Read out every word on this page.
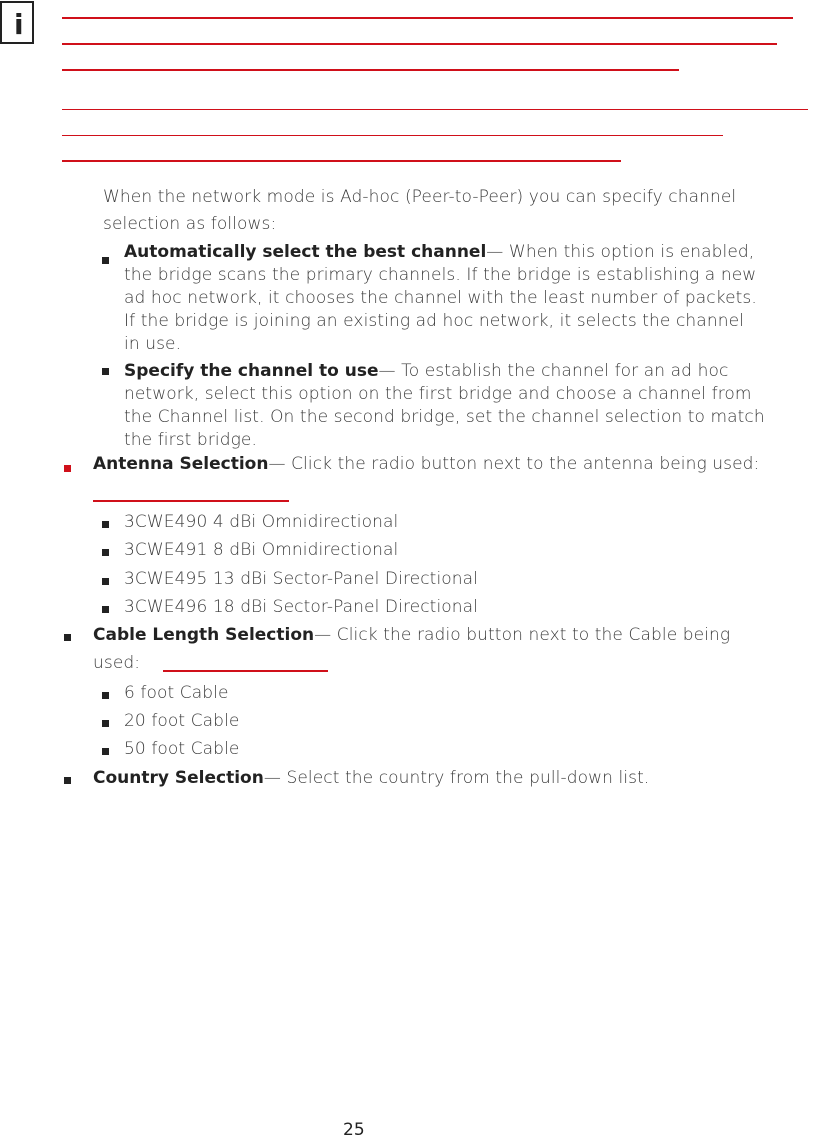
i
When the network mode is Ad-hoc (Peer-to-Peer) you can specify channel selection as follows:
Automatically select the best channel— When this option is enabled,
the bridge scans the primary channels. If the bridge is establishing a new
ad hoc network, it chooses the channel with the least number of packets.
If the bridge is joining an existing ad hoc network, it selects the channel
in use.
Specify the channel to use— To establish the channel for an ad hoc
network, select this option on the first bridge and choose a channel from
the Channel list. On the second bridge, set the channel selection to match
the first bridge.
Antenna Selection— Click the radio button next to the antenna being used:
3CWE490 4 dBi Omnidirectional
3CWE491 8 dBi Omnidirectional
3CWE495 13 dBi Sector-Panel Directional
3CWE496 18 dBi Sector-Panel Directional
Cable Length Selection— Click the radio button next to the Cable being
used:
6 foot Cable
20 foot Cable
50 foot Cable
Country Selection— Select the country from the pull-down list.
25
